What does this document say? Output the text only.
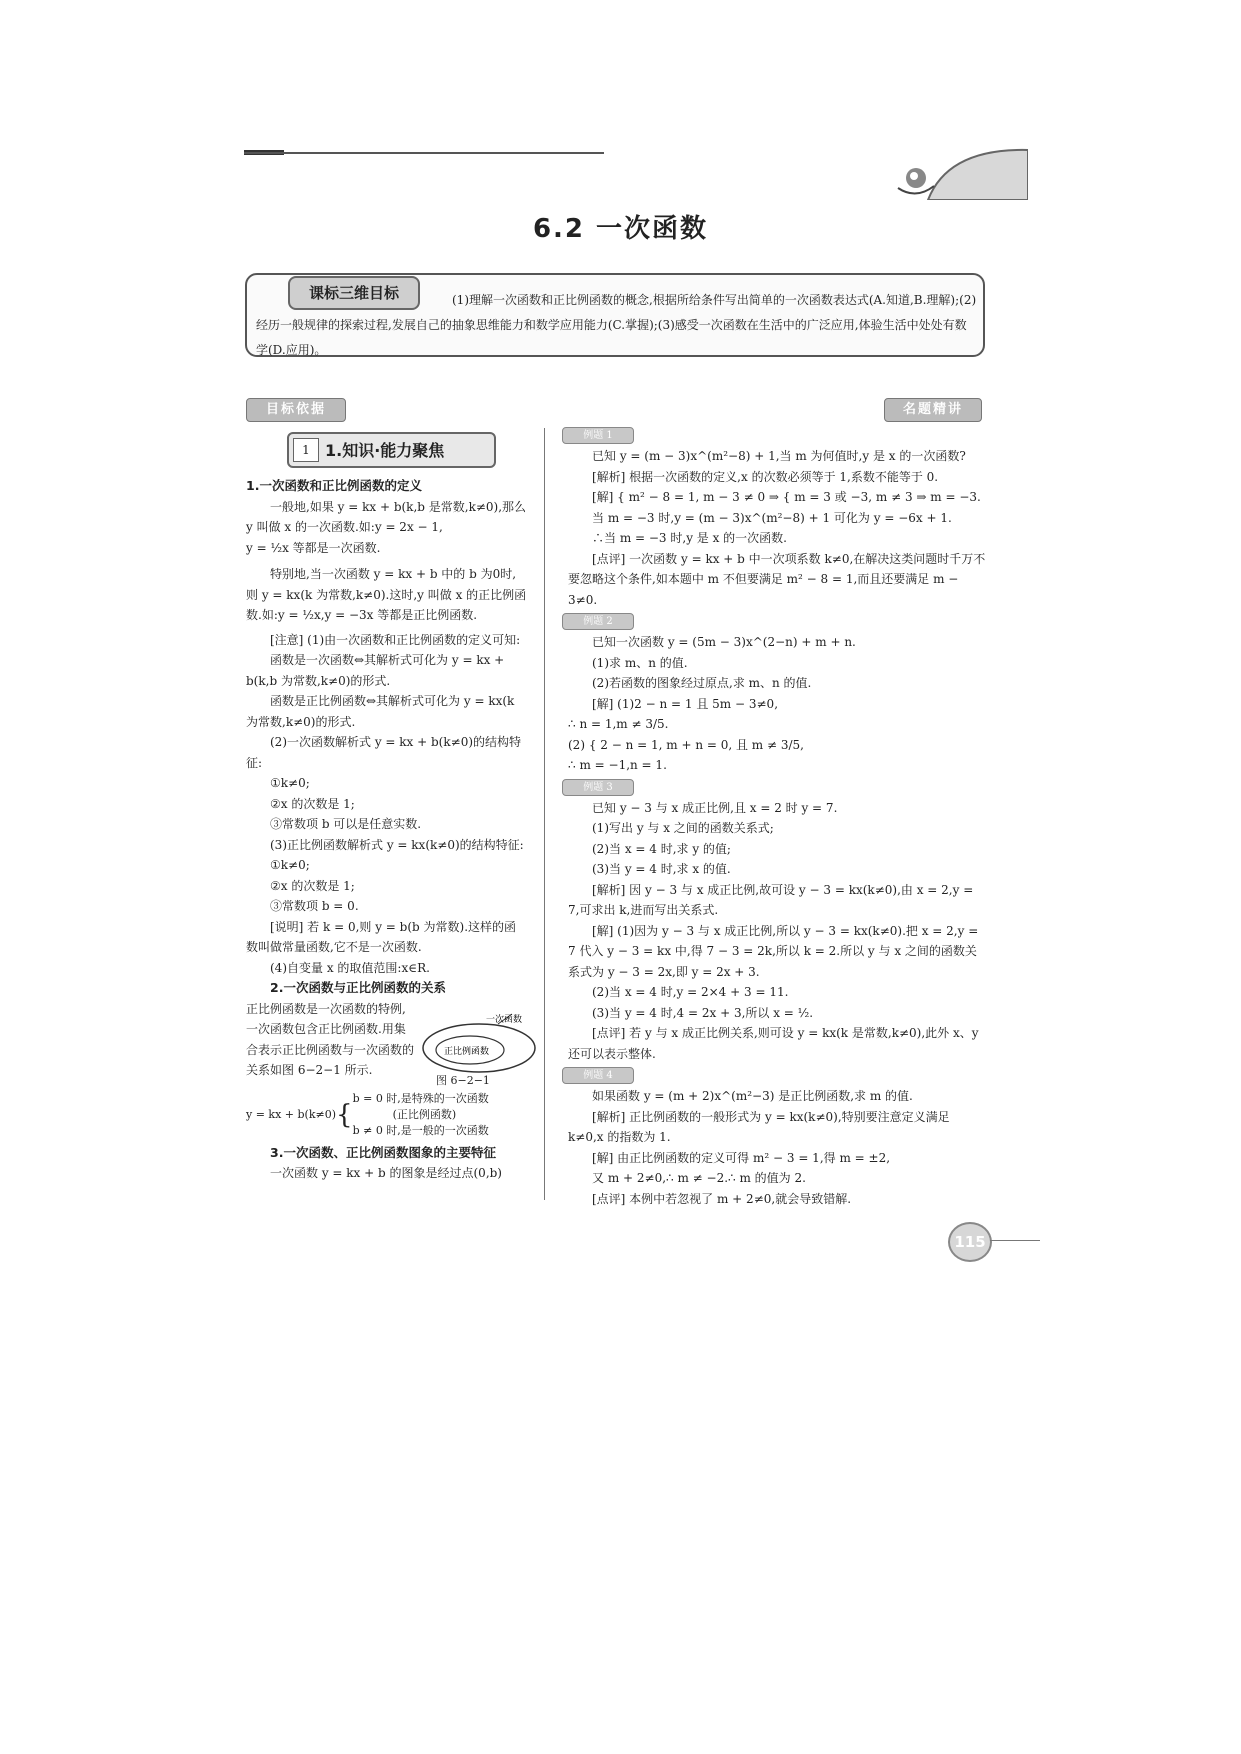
6.2 一次函数
课标三维目标	(1)理解一次函数和正比例函数的概念,根据所给条件写出简单的一次函数表达式(A.知道,B.理解);(2)经历一般规律的探索过程,发展自己的抽象思维能力和数学应用能力(C.掌握);(3)感受一次函数在生活中的广泛应用,体验生活中处处有数学(D.应用)。
目标依据	名题精讲
1 1.知识·能力聚焦

1.一次函数和正比例函数的定义

一般地,如果 y = kx + b(k,b 是常数,k≠0),那么 y 叫做 x 的一次函数.如:y = 2x − 1,

y = ½x 等都是一次函数.

特别地,当一次函数 y = kx + b 中的 b 为0时,则 y = kx(k 为常数,k≠0).这时,y 叫做 x 的正比例函数.如:y = ½x,y = −3x 等都是正比例函数.

[注意] (1)由一次函数和正比例函数的定义可知:

函数是一次函数⇔其解析式可化为 y = kx + b(k,b 为常数,k≠0)的形式.

函数是正比例函数⇔其解析式可化为 y = kx(k 为常数,k≠0)的形式.

(2)一次函数解析式 y = kx + b(k≠0)的结构特征:

①k≠0;

②x 的次数是 1;

③常数项 b 可以是任意实数.

(3)正比例函数解析式 y = kx(k≠0)的结构特征:

①k≠0;

②x 的次数是 1;

③常数项 b = 0.

[说明] 若 k = 0,则 y = b(b 为常数).这样的函数叫做常量函数,它不是一次函数.

(4)自变量 x 的取值范围:x∈R.

2.一次函数与正比例函数的关系

正比例函数是一次函数的特例,一次函数包含正比例函数.用集合表示正比例函数与一次函数的关系如图 6−2−1 所示.

y = kx + b(k≠0) {
b = 0 时,是特殊的一次函数
(正比例函数)
b ≠ 0 时,是一般的一次函数

3.一次函数、正比例函数图象的主要特征

一次函数 y = kx + b 的图象是经过点(0,b)

一次函数
正比例函数
图 6−2−1
例题 1

已知 y = (m − 3)x^(m²−8) + 1,当 m 为何值时,y 是 x 的一次函数?

[解析] 根据一次函数的定义,x 的次数必须等于 1,系数不能等于 0.

[解] { m² − 8 = 1, m − 3 ≠ 0 ⇒ { m = 3 或 −3, m ≠ 3 ⇒ m = −3.

当 m = −3 时,y = (m − 3)x^(m²−8) + 1 可化为 y = −6x + 1.

∴当 m = −3 时,y 是 x 的一次函数.

[点评] 一次函数 y = kx + b 中一次项系数 k≠0,在解决这类问题时千万不要忽略这个条件,如本题中 m 不但要满足 m² − 8 = 1,而且还要满足 m − 3≠0.

例题 2

已知一次函数 y = (5m − 3)x^(2−n) + m + n.

(1)求 m、n 的值.

(2)若函数的图象经过原点,求 m、n 的值.

[解] (1)2 − n = 1 且 5m − 3≠0,

∴ n = 1,m ≠ 3/5.

(2) { 2 − n = 1, m + n = 0, 且 m ≠ 3/5,

∴ m = −1,n = 1.

例题 3

已知 y − 3 与 x 成正比例,且 x = 2 时 y = 7.

(1)写出 y 与 x 之间的函数关系式;

(2)当 x = 4 时,求 y 的值;

(3)当 y = 4 时,求 x 的值.

[解析] 因 y − 3 与 x 成正比例,故可设 y − 3 = kx(k≠0),由 x = 2,y = 7,可求出 k,进而写出关系式.

[解] (1)因为 y − 3 与 x 成正比例,所以 y − 3 = kx(k≠0).把 x = 2,y = 7 代入 y − 3 = kx 中,得 7 − 3 = 2k,所以 k = 2.所以 y 与 x 之间的函数关系式为 y − 3 = 2x,即 y = 2x + 3.

(2)当 x = 4 时,y = 2×4 + 3 = 11.

(3)当 y = 4 时,4 = 2x + 3,所以 x = ½.

[点评] 若 y 与 x 成正比例关系,则可设 y = kx(k 是常数,k≠0),此外 x、y 还可以表示整体.

例题 4

如果函数 y = (m + 2)x^(m²−3) 是正比例函数,求 m 的值.

[解析] 正比例函数的一般形式为 y = kx(k≠0),特别要注意定义满足 k≠0,x 的指数为 1.

[解] 由正比例函数的定义可得 m² − 3 = 1,得 m = ±2,

又 m + 2≠0,∴ m ≠ −2.∴ m 的值为 2.

[点评] 本例中若忽视了 m + 2≠0,就会导致错解.

115
